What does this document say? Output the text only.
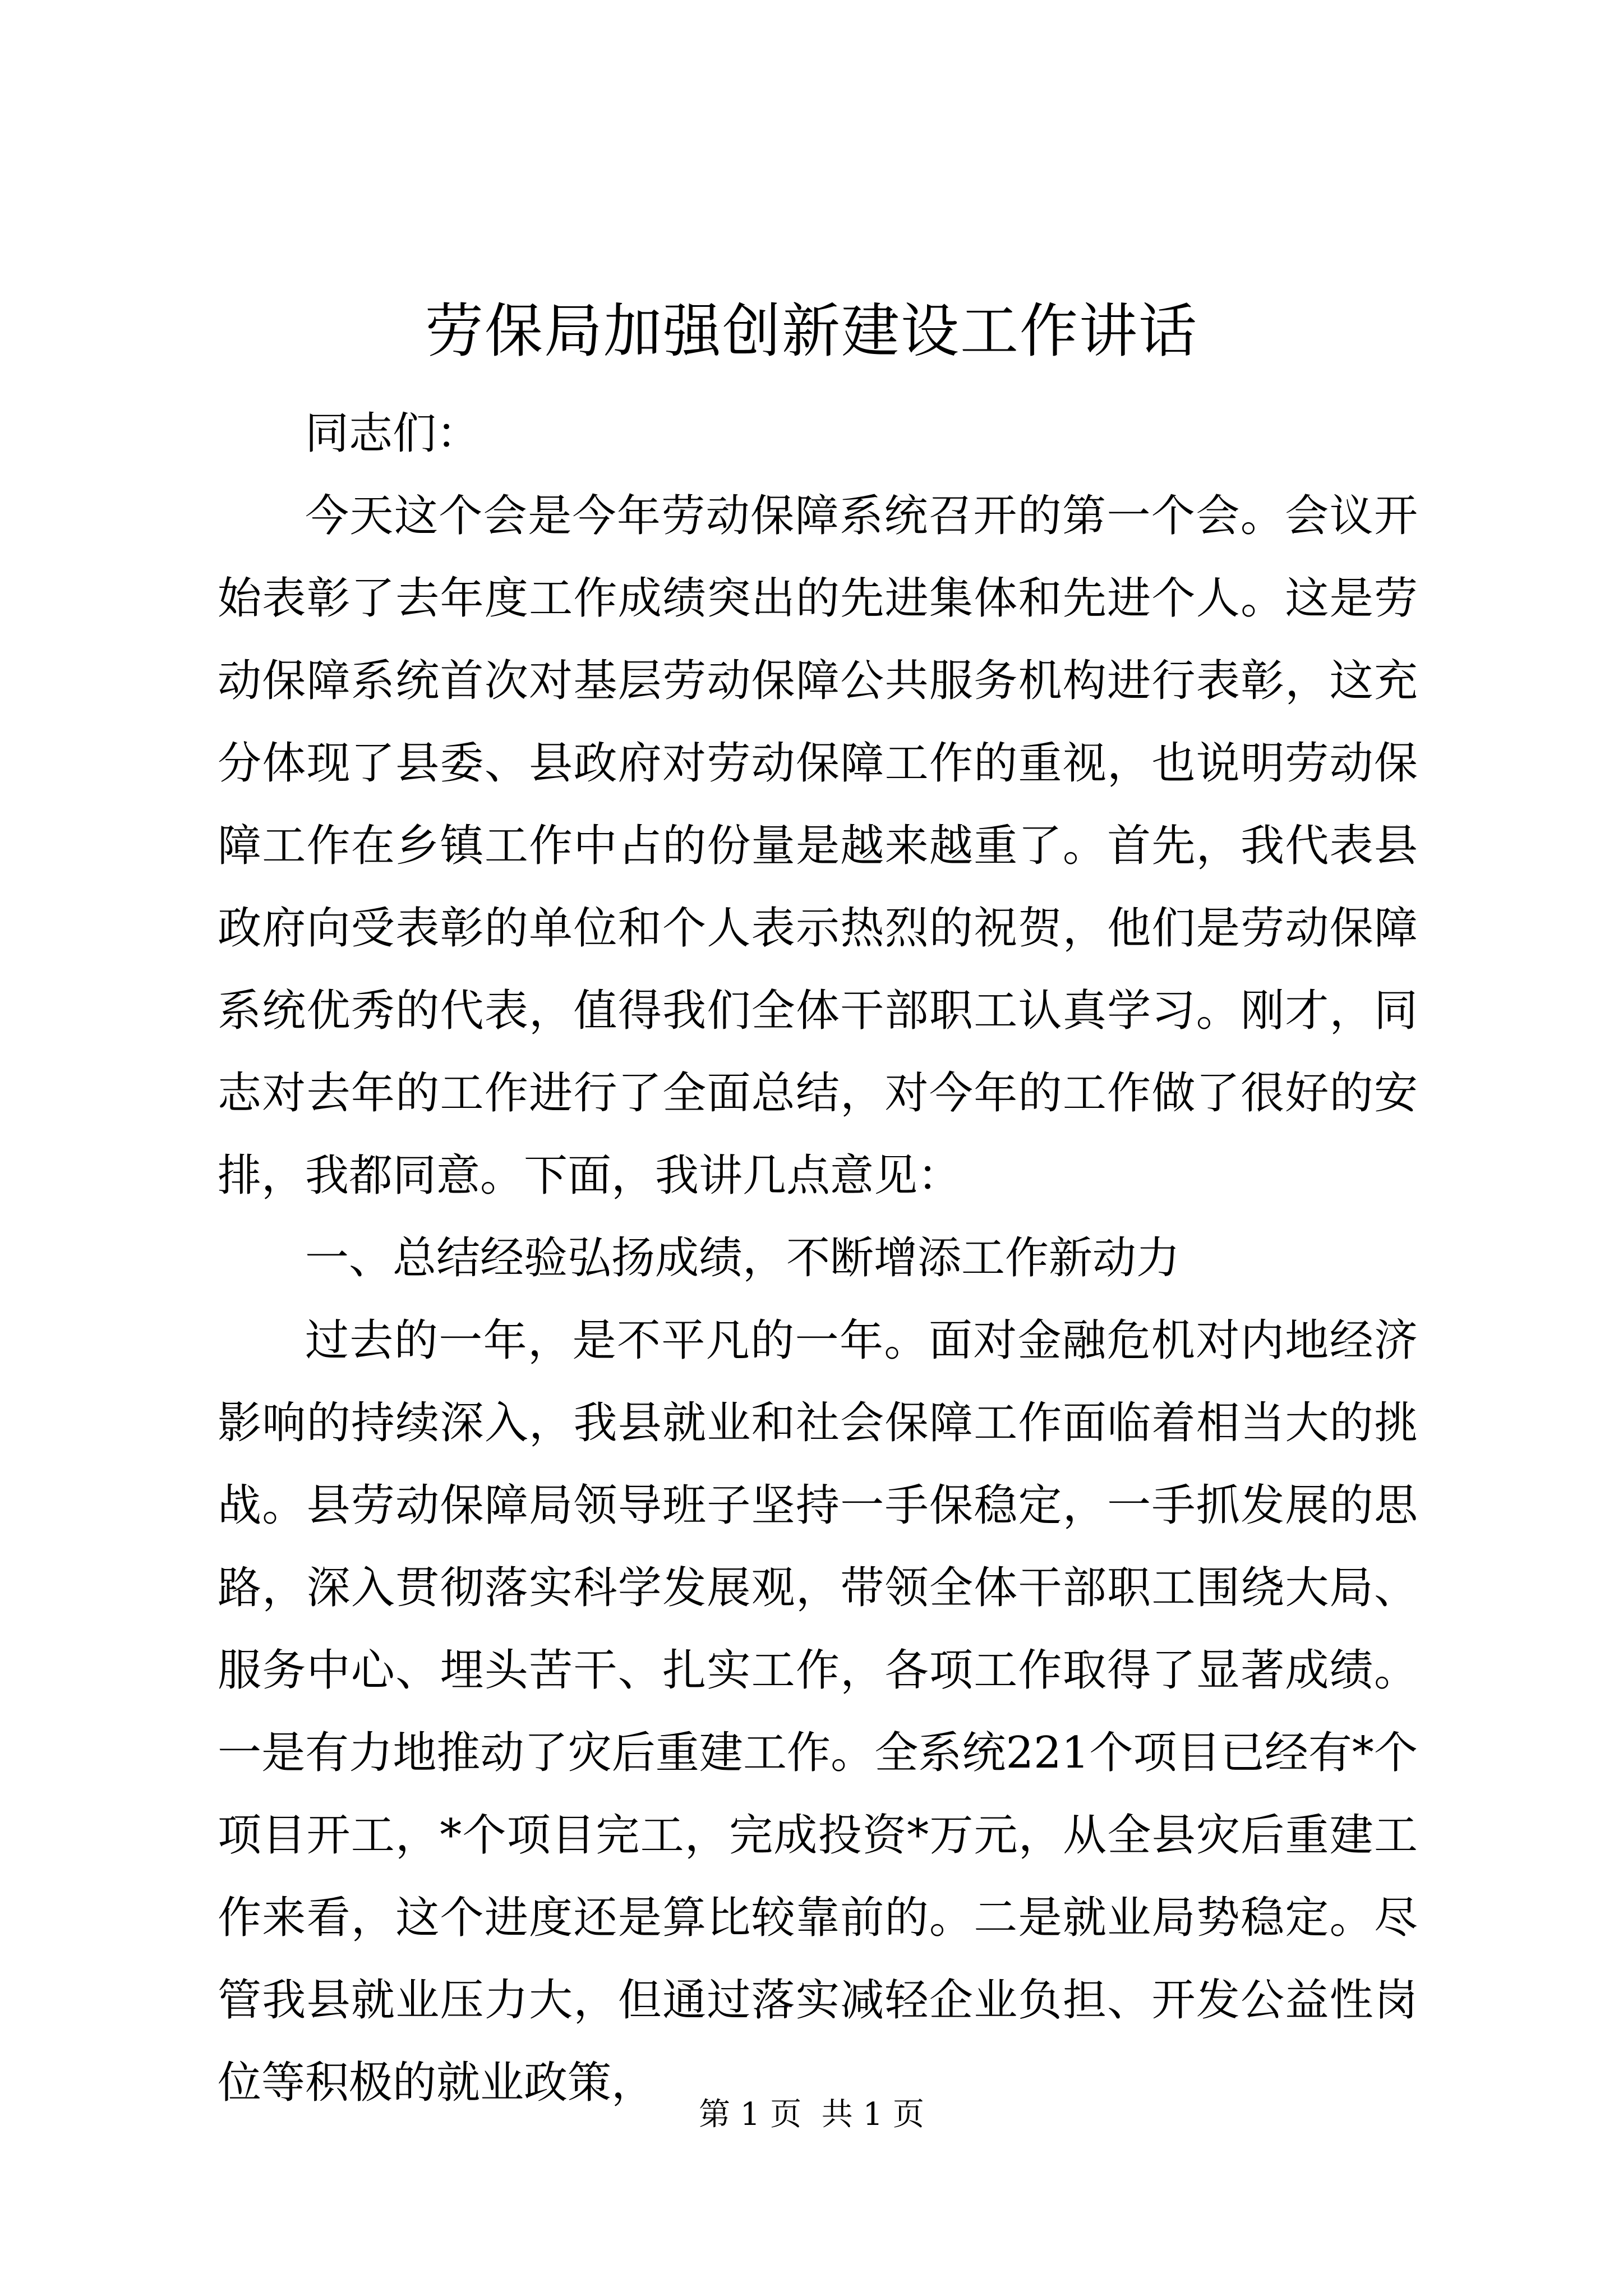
劳保局加强创新建设工作讲话

同志们：

今天这个会是今年劳动保障系统召开的第一个会。会议开始表彰了去年度工作成绩突出的先进集体和先进个人。这是劳动保障系统首次对基层劳动保障公共服务机构进行表彰，这充分体现了县委、县政府对劳动保障工作的重视，也说明劳动保障工作在乡镇工作中占的份量是越来越重了。首先，我代表县政府向受表彰的单位和个人表示热烈的祝贺，他们是劳动保障系统优秀的代表，值得我们全体干部职工认真学习。刚才，同志对去年的工作进行了全面总结，对今年的工作做了很好的安排，我都同意。下面，我讲几点意见：

一、总结经验弘扬成绩，不断增添工作新动力

过去的一年，是不平凡的一年。面对金融危机对内地经济影响的持续深入，我县就业和社会保障工作面临着相当大的挑战。县劳动保障局领导班子坚持一手保稳定，一手抓发展的思路，深入贯彻落实科学发展观，带领全体干部职工围绕大局、服务中心、埋头苦干、扎实工作，各项工作取得了显著成绩。一是有力地推动了灾后重建工作。全系统221个项目已经有*个项目开工，*个项目完工，完成投资*万元，从全县灾后重建工作来看，这个进度还是算比较靠前的。二是就业局势稳定。尽管我县就业压力大，但通过落实减轻企业负担、开发公益性岗位等积极的就业政策，

第 1 页  共 1 页
